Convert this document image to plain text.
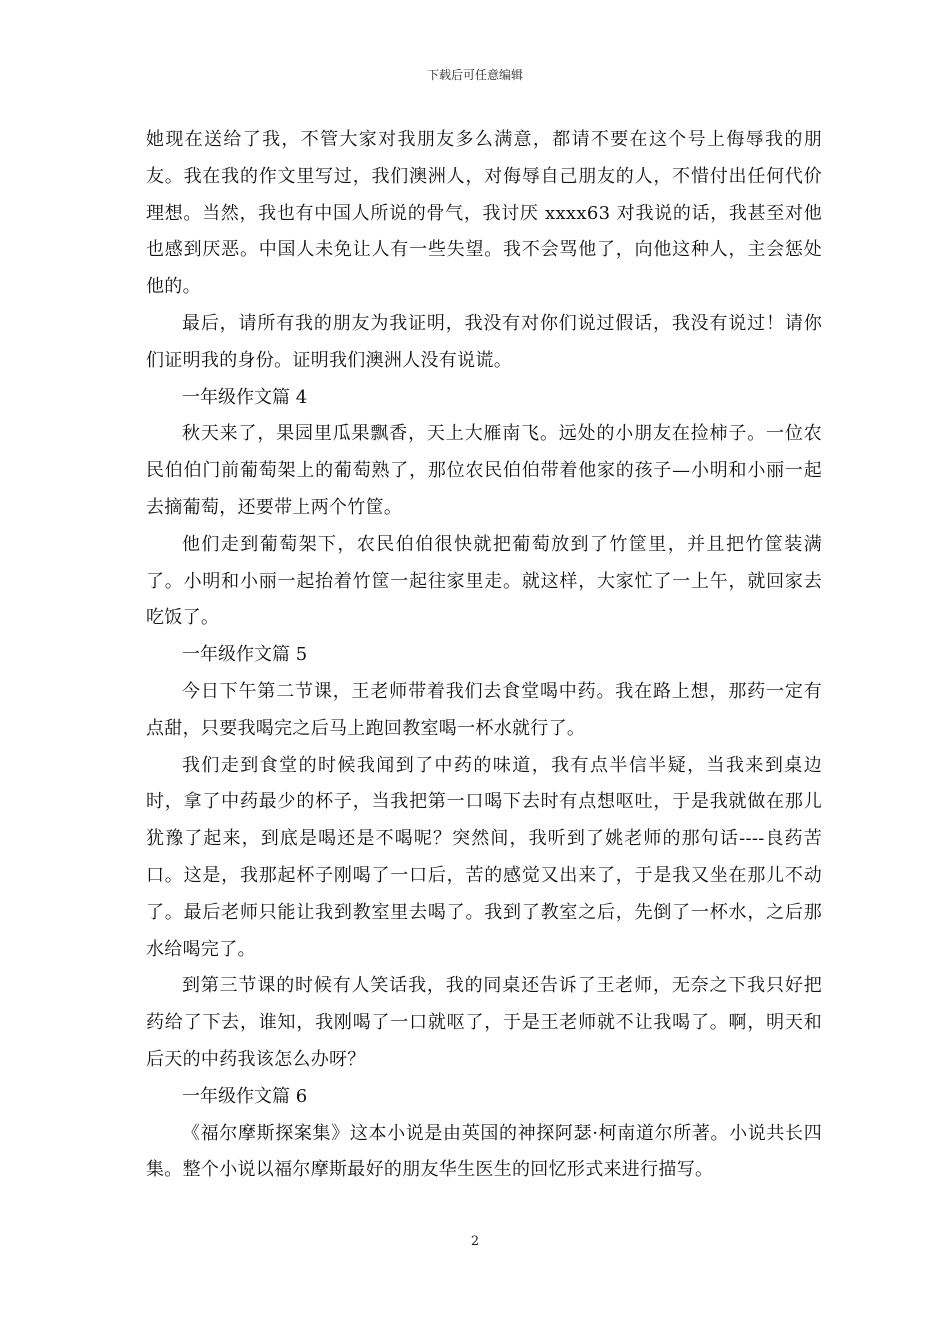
下载后可任意编辑

她现在送给了我，不管大家对我朋友多么满意，都请不要在这个号上侮辱我的朋友。我在我的作文里写过，我们澳洲人，对侮辱自己朋友的人，不惜付出任何代价理想。当然，我也有中国人所说的骨气，我讨厌 xxxx63 对我说的话，我甚至对他也感到厌恶。中国人未免让人有一些失望。我不会骂他了，向他这种人，主会惩处他的。

最后，请所有我的朋友为我证明，我没有对你们说过假话，我没有说过！请你们证明我的身份。证明我们澳洲人没有说谎。

一年级作文篇 4

秋天来了，果园里瓜果飘香，天上大雁南飞。远处的小朋友在捡柿子。一位农民伯伯门前葡萄架上的葡萄熟了，那位农民伯伯带着他家的孩子—小明和小丽一起去摘葡萄，还要带上两个竹筐。

他们走到葡萄架下，农民伯伯很快就把葡萄放到了竹筐里，并且把竹筐装满了。小明和小丽一起抬着竹筐一起往家里走。就这样，大家忙了一上午，就回家去吃饭了。

一年级作文篇 5

今日下午第二节课，王老师带着我们去食堂喝中药。我在路上想，那药一定有点甜，只要我喝完之后马上跑回教室喝一杯水就行了。

我们走到食堂的时候我闻到了中药的味道，我有点半信半疑，当我来到桌边时，拿了中药最少的杯子，当我把第一口喝下去时有点想呕吐，于是我就做在那儿犹豫了起来，到底是喝还是不喝呢？突然间，我听到了姚老师的那句话----良药苦口。这是，我那起杯子刚喝了一口后，苦的感觉又出来了，于是我又坐在那儿不动了。最后老师只能让我到教室里去喝了。我到了教室之后，先倒了一杯水，之后那水给喝完了。

到第三节课的时候有人笑话我，我的同桌还告诉了王老师，无奈之下我只好把药给了下去，谁知，我刚喝了一口就呕了，于是王老师就不让我喝了。啊，明天和后天的中药我该怎么办呀？

一年级作文篇 6

《福尔摩斯探案集》这本小说是由英国的神探阿瑟·柯南道尔所著。小说共长四集。整个小说以福尔摩斯最好的朋友华生医生的回忆形式来进行描写。

2
